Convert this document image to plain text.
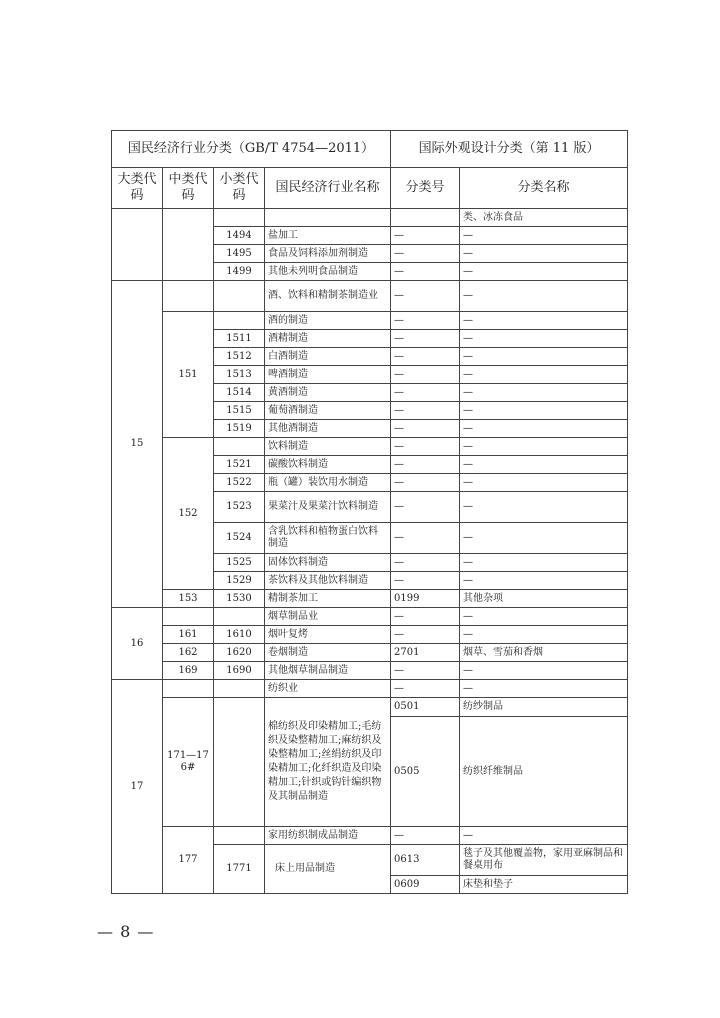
国民经济行业分类（GB/T 4754—2011）				国际外观设计分类（第 11 版）	
大类代码	中类代码	小类代码	国民经济行业名称	分类号	分类名称
					类、冰冻食品
		1494	盐加工	—	—
		1495	食品及饲料添加剂制造	—	—
		1499	其他未列明食品制造	—	—
15			酒、饮料和精制茶制造业	—	—
	151		酒的制造	—	—
		1511	酒精制造	—	—
		1512	白酒制造	—	—
		1513	啤酒制造	—	—
		1514	黄酒制造	—	—
		1515	葡萄酒制造	—	—
		1519	其他酒制造	—	—
	152		饮料制造	—	—
		1521	碳酸饮料制造	—	—
		1522	瓶（罐）装饮用水制造	—	—
		1523	果菜汁及果菜汁饮料制造	—	—
		1524	含乳饮料和植物蛋白饮料制造	—	—
		1525	固体饮料制造	—	—
		1529	茶饮料及其他饮料制造	—	—
	153	1530	精制茶加工	0199	其他杂项
16			烟草制品业	—	—
	161	1610	烟叶复烤	—	—
	162	1620	卷烟制造	2701	烟草、雪茄和香烟
	169	1690	其他烟草制品制造	—	—
17			纺织业	—	—
	171—176#		棉纺织及印染精加工;毛纺织及染整精加工;麻纺织及染整精加工;丝绢纺织及印染精加工;化纤织造及印染精加工;针织或钩针编织物及其制品制造	0501	纺纱制品
				0505	纺织纤维制品
	177		家用纺织制成品制造	—	—
		1771	床上用品制造	0613	毯子及其他覆盖物，家用亚麻制品和餐桌用布
				0609	床垫和垫子
— 8 —
